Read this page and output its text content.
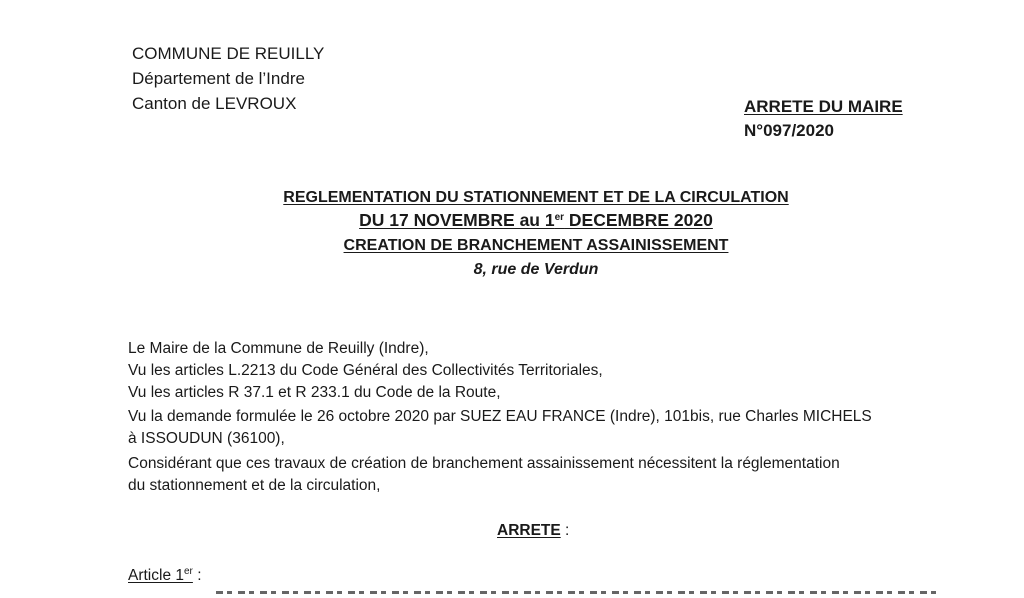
COMMUNE DE REUILLY
Département de l’Indre
Canton de LEVROUX	ARRETE DU MAIRE
N°097/2020
REGLEMENTATION DU STATIONNEMENT ET DE LA CIRCULATION
DU 17 NOVEMBRE au 1er DECEMBRE 2020
CREATION DE BRANCHEMENT ASSAINISSEMENT
8, rue de Verdun
Le Maire de la Commune de Reuilly (Indre),
Vu les articles L.2213 du Code Général des Collectivités Territoriales,
Vu les articles R 37.1 et R 233.1 du Code de la Route,
Vu la demande formulée le 26 octobre 2020 par SUEZ EAU FRANCE (Indre), 101bis, rue Charles MICHELS
à ISSOUDUN (36100),
Considérant que ces travaux de création de branchement assainissement nécessitent la réglementation
du stationnement et de la circulation,
ARRETE :
Article 1er :
